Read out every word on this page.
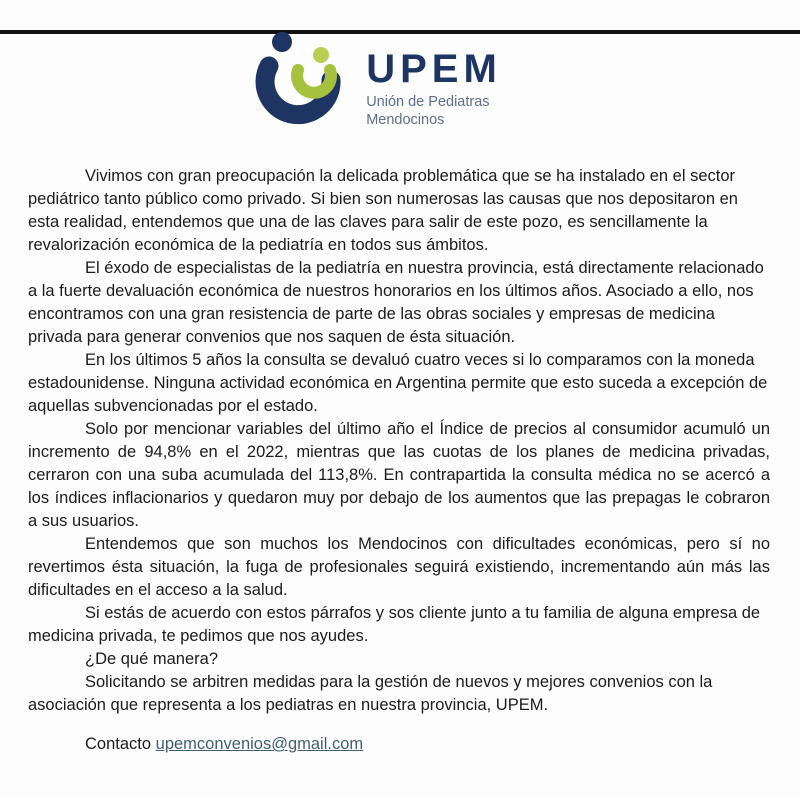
UPEM
Unión de Pediatras
Mendocinos

Vivimos con gran preocupación la delicada problemática que se ha instalado en el sector pediátrico tanto público como privado. Si bien son numerosas las causas que nos depositaron en esta realidad, entendemos que una de las claves para salir de este pozo, es sencillamente la revalorización económica de la pediatría en todos sus ámbitos.

El éxodo de especialistas de la pediatría en nuestra provincia, está directamente relacionado a la fuerte devaluación económica de nuestros honorarios en los últimos años. Asociado a ello, nos encontramos con una gran resistencia de parte de las obras sociales y empresas de medicina privada para generar convenios que nos saquen de ésta situación.

En los últimos 5 años la consulta se devaluó cuatro veces si lo comparamos con la moneda estadounidense. Ninguna actividad económica en Argentina permite que esto suceda a excepción de aquellas subvencionadas por el estado.

Solo por mencionar variables del último año el Índice de precios al consumidor acumuló un incremento de 94,8% en el 2022, mientras que las cuotas de los planes de medicina privadas, cerraron con una suba acumulada del 113,8%. En contrapartida la consulta médica no se acercó a los índices inflacionarios y quedaron muy por debajo de los aumentos que las prepagas le cobraron a sus usuarios.

Entendemos que son muchos los Mendocinos con dificultades económicas, pero sí no revertimos ésta situación, la fuga de profesionales seguirá existiendo, incrementando aún más las dificultades en el acceso a la salud.

Si estás de acuerdo con estos párrafos y sos cliente junto a tu familia de alguna empresa de medicina privada, te pedimos que nos ayudes.

¿De qué manera?

Solicitando se arbitren medidas para la gestión de nuevos y mejores convenios con la asociación que representa a los pediatras en nuestra provincia, UPEM.

Contacto upemconvenios@gmail.com
